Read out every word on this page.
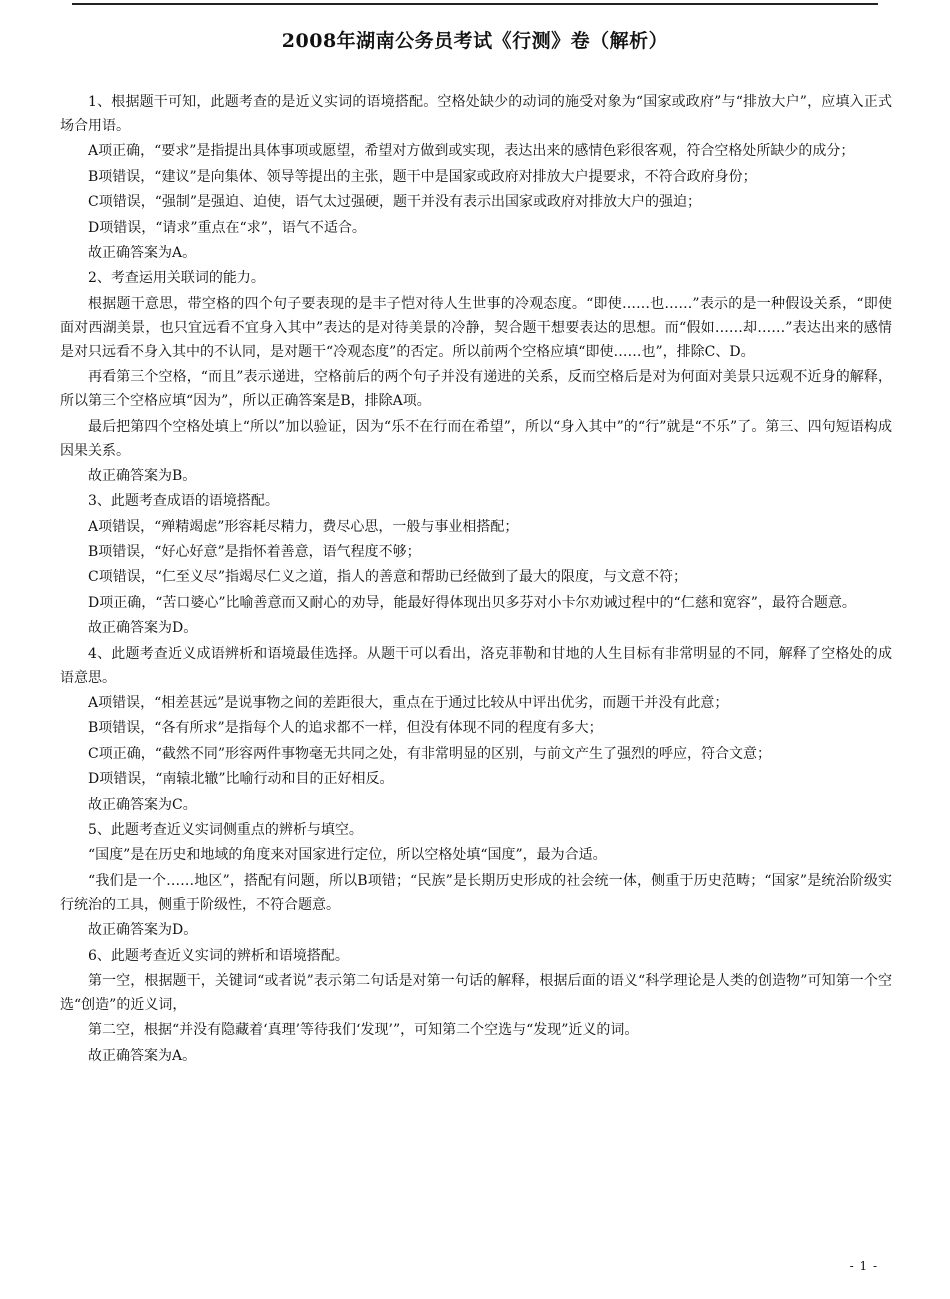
2008年湖南公务员考试《行测》卷（解析）

1、根据题干可知，此题考查的是近义实词的语境搭配。空格处缺少的动词的施受对象为“国家或政府”与“排放大户”，应填入正式场合用语。

A项正确，“要求”是指提出具体事项或愿望，希望对方做到或实现，表达出来的感情色彩很客观，符合空格处所缺少的成分；

B项错误，“建议”是向集体、领导等提出的主张，题干中是国家或政府对排放大户提要求，不符合政府身份；

C项错误，“强制”是强迫、迫使，语气太过强硬，题干并没有表示出国家或政府对排放大户的强迫；

D项错误，“请求”重点在“求”，语气不适合。

故正确答案为A。

2、考查运用关联词的能力。

根据题干意思，带空格的四个句子要表现的是丰子恺对待人生世事的冷观态度。“即使……也……”表示的是一种假设关系，“即使面对西湖美景，也只宜远看不宜身入其中”表达的是对待美景的冷静，契合题干想要表达的思想。而“假如……却……”表达出来的感情是对只远看不身入其中的不认同，是对题干“冷观态度”的否定。所以前两个空格应填“即使……也”，排除C、D。

再看第三个空格，“而且”表示递进，空格前后的两个句子并没有递进的关系，反而空格后是对为何面对美景只远观不近身的解释，所以第三个空格应填“因为”，所以正确答案是B，排除A项。

最后把第四个空格处填上“所以”加以验证，因为“乐不在行而在希望”，所以“身入其中”的“行”就是“不乐”了。第三、四句短语构成因果关系。

故正确答案为B。

3、此题考查成语的语境搭配。

A项错误，“殚精竭虑”形容耗尽精力，费尽心思，一般与事业相搭配；

B项错误，“好心好意”是指怀着善意，语气程度不够；

C项错误，“仁至义尽”指竭尽仁义之道，指人的善意和帮助已经做到了最大的限度，与文意不符；

D项正确，“苦口婆心”比喻善意而又耐心的劝导，能最好得体现出贝多芬对小卡尔劝诫过程中的“仁慈和宽容”，最符合题意。

故正确答案为D。

4、此题考查近义成语辨析和语境最佳选择。从题干可以看出，洛克菲勒和甘地的人生目标有非常明显的不同，解释了空格处的成语意思。

A项错误，“相差甚远”是说事物之间的差距很大，重点在于通过比较从中评出优劣，而题干并没有此意；

B项错误，“各有所求”是指每个人的追求都不一样，但没有体现不同的程度有多大；

C项正确，“截然不同”形容两件事物毫无共同之处，有非常明显的区别，与前文产生了强烈的呼应，符合文意；

D项错误，“南辕北辙”比喻行动和目的正好相反。

故正确答案为C。

5、此题考查近义实词侧重点的辨析与填空。

“国度”是在历史和地域的角度来对国家进行定位，所以空格处填“国度”，最为合适。

“我们是一个……地区”，搭配有问题，所以B项错；“民族”是长期历史形成的社会统一体，侧重于历史范畴；“国家”是统治阶级实行统治的工具，侧重于阶级性，不符合题意。

故正确答案为D。

6、此题考查近义实词的辨析和语境搭配。

第一空，根据题干，关键词“或者说”表示第二句话是对第一句话的解释，根据后面的语义“科学理论是人类的创造物”可知第一个空选“创造”的近义词，

第二空，根据“并没有隐藏着‘真理’等待我们‘发现’”，可知第二个空选与“发现”近义的词。

故正确答案为A。

- 1 -
